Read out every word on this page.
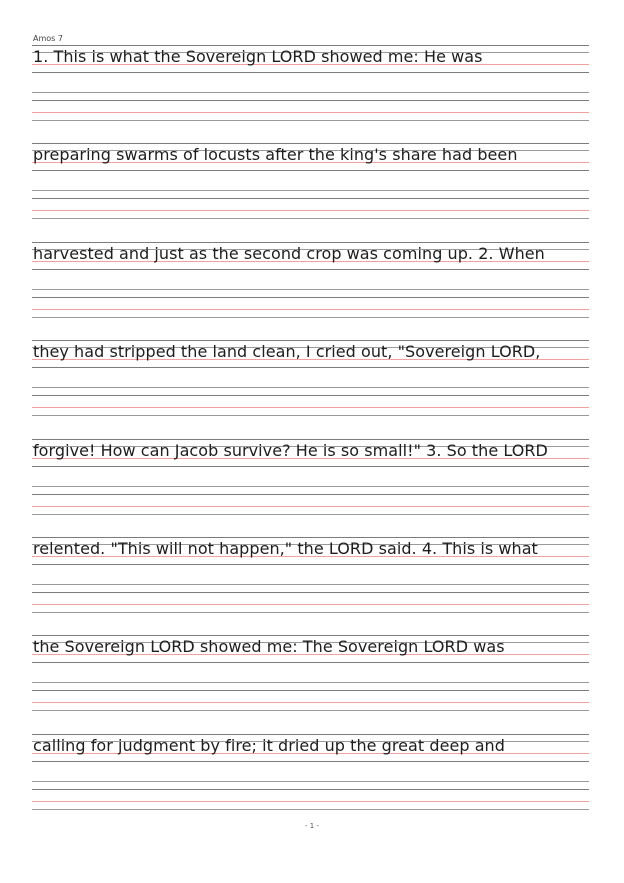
Amos 7
1. This is what the Sovereign LORD showed me: He was
preparing swarms of locusts after the king's share had been
harvested and just as the second crop was coming up. 2. When
they had stripped the land clean, I cried out, "Sovereign LORD,
forgive! How can Jacob survive? He is so small!" 3. So the LORD
relented. "This will not happen," the LORD said. 4. This is what
the Sovereign LORD showed me: The Sovereign LORD was
calling for judgment by fire; it dried up the great deep and
- 1 -
